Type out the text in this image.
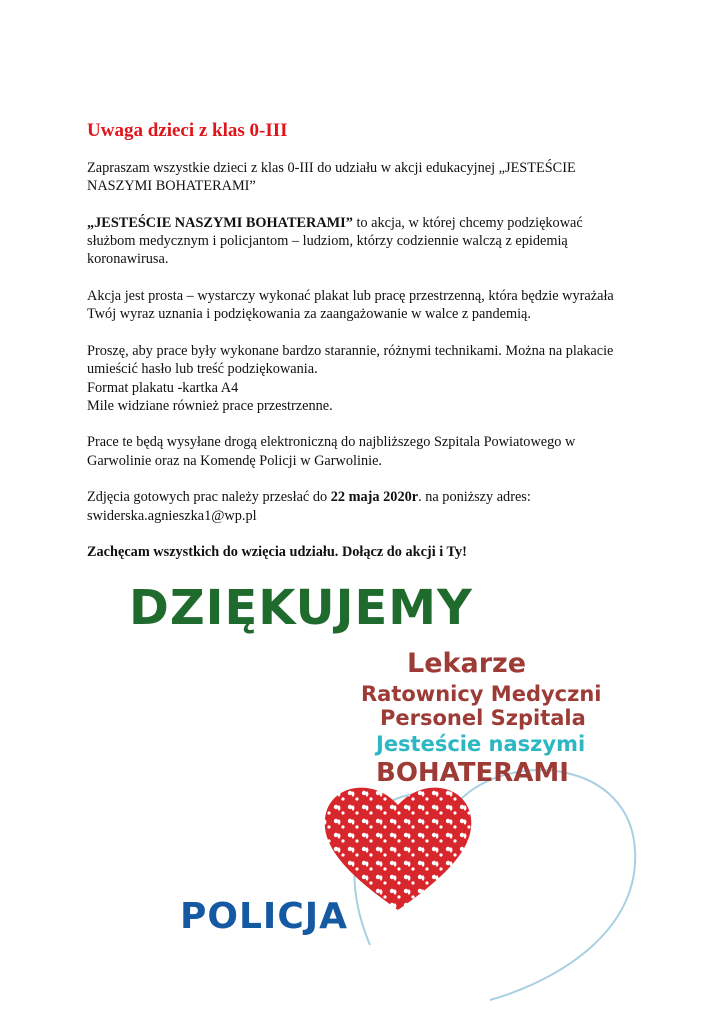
Uwaga dzieci z klas 0-III

Zapraszam wszystkie dzieci z klas 0-III do udziału w akcji edukacyjnej „JESTEŚCIE
NASZYMI BOHATERAMI”

„JESTEŚCIE NASZYMI BOHATERAMI” to akcja, w której chcemy podziękować
służbom medycznym i policjantom – ludziom, którzy codziennie walczą z epidemią
koronawirusa.

Akcja jest prosta – wystarczy wykonać plakat lub pracę przestrzenną, która będzie wyrażała
Twój wyraz uznania i podziękowania za zaangażowanie w walce z pandemią.

Proszę, aby prace były wykonane bardzo starannie, różnymi technikami. Można na plakacie
umieścić hasło lub treść podziękowania.
Format plakatu -kartka A4
Mile widziane również prace przestrzenne.

Prace te będą wysyłane drogą elektroniczną do najbliższego Szpitala Powiatowego w
Garwolinie oraz na Komendę Policji w Garwolinie.

Zdjęcia gotowych prac należy przesłać do 22 maja 2020r. na poniższy adres:
swiderska.agnieszka1@wp.pl

Zachęcam wszystkich do wzięcia udziału. Dołącz do akcji i Ty!

DZIĘKUJEMY
Lekarze
Ratownicy Medyczni
Personel Szpitala
Jesteście naszymi
BOHATERAMI
POLICJA
